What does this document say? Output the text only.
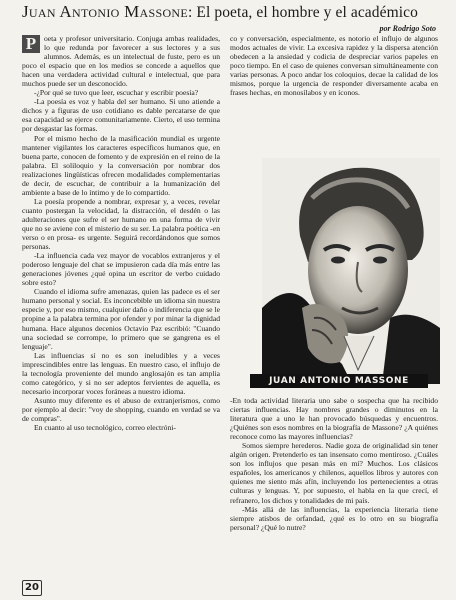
Juan Antonio Massone: El poeta, el hombre y el académico
por Rodrigo Soto

P	oeta y profesor universitario. Conjuga ambas realidades, lo que redunda por favorecer a sus lectores y a sus alumnos. Además, es un intelectual de fuste, pero es un poco el espacio que en los medios se concede a aquellos que hacen una verdadera actividad cultural e intelectual, que para muchos puede ser un desconocido.

-¿Por qué se tuvo que leer, escuchar y escribir poesía?

-La poesía es voz y habla del ser humano. Si uno atiende a dichos y a figuras de uso cotidiano es dable percatarse de que esa capacidad se ejerce comunitariamente. Cierto, el uso termina por desgastar las formas.

Por el mismo hecho de la masificación mundial es urgente mantener vigilantes los caracteres específicos humanos que, en buena parte, conocen de fomento y de expresión en el reino de la palabra. El soliloquio y la conversación por nombrar dos realizaciones lingüísticas ofrecen modalidades complementarias de decir, de escuchar, de contribuir a la humanización del ambiente a base de lo íntimo y de lo compartido.

La poesía propende a nombrar, expresar y, a veces, revelar cuanto postergan la velocidad, la distracción, el desdén o las adulteraciones que sufre el ser humano en una forma de vivir que no se aviene con el misterio de su ser. La palabra poética -en verso o en prosa- es urgente. Seguirá recordándonos que somos personas.

-La influencia cada vez mayor de vocablos extranjeros y el poderoso lenguaje del chat se impusieron cada día más entre las generaciones jóvenes ¿qué opina un escritor de verbo cuidado sobre esto?

Cuando el idioma sufre amenazas, quien las padece es el ser humano personal y social. Es inconcebible un idioma sin nuestra especie y, por eso mismo, cualquier daño o indiferencia que se le propine a la palabra termina por ofender y por minar la dignidad humana. Hace algunos decenios Octavio Paz escribió: "Cuando una sociedad se corrompe, lo primero que se gangrena es el lenguaje".

Las influencias sí no es son ineludibles y a veces imprescindibles entre las lenguas. En nuestro caso, el influjo de la tecnología proveniente del mundo anglosajón es tan amplia como categórico, y si no ser adeptos fervientes de aquella, es necesario incorporar voces foráneas a nuestro idioma.

Asunto muy diferente es el abuso de extranjerismos, como por ejemplo al decir: "voy de shopping, cuando en verdad se va de compras".

En cuanto al uso tecnológico, correo electróni-

co y conversación, especialmente, es notorio el influjo de algunos modos actuales de vivir. La excesiva rapidez y la dispersa atención obedecen a la ansiedad y codicia de despreciar varios papeles en poco tiempo. En el caso de quienes conversan simultáneamente con varias personas. A poco andar los coloquios, decae la calidad de los mismos, porque la urgencia de responder diversamente acaba en frases hechas, en monosílabos y en íconos.

JUAN ANTONIO MASSONE

-En toda actividad literaria uno sabe o sospecha que ha recibido ciertas influencias. Hay nombres grandes o diminutos en la literatura que a uno le han provocado búsquedas y encuentros. ¿Quiénes son esos nombres en la biografía de Massone? ¿A quiénes reconoce como las mayores influencias?

Somos siempre herederos. Nadie goza de originalidad sin tener algún origen. Pretenderlo es tan insensato como mentiroso. ¿Cuáles son los influjos que pesan más en mí? Muchos. Los clásicos españoles, los americanos y chilenos, aquellos libros y autores con quienes me siento más afín, incluyendo los pertenecientes a otras culturas y lenguas. Y, por supuesto, el habla en la que crecí, el refranero, los dichos y tonalidades de mi país.

-Más allá de las influencias, la experiencia literaria tiene siempre atisbos de orfandad, ¿qué es lo otro en su biografía personal? ¿Qué lo nutre?

20
